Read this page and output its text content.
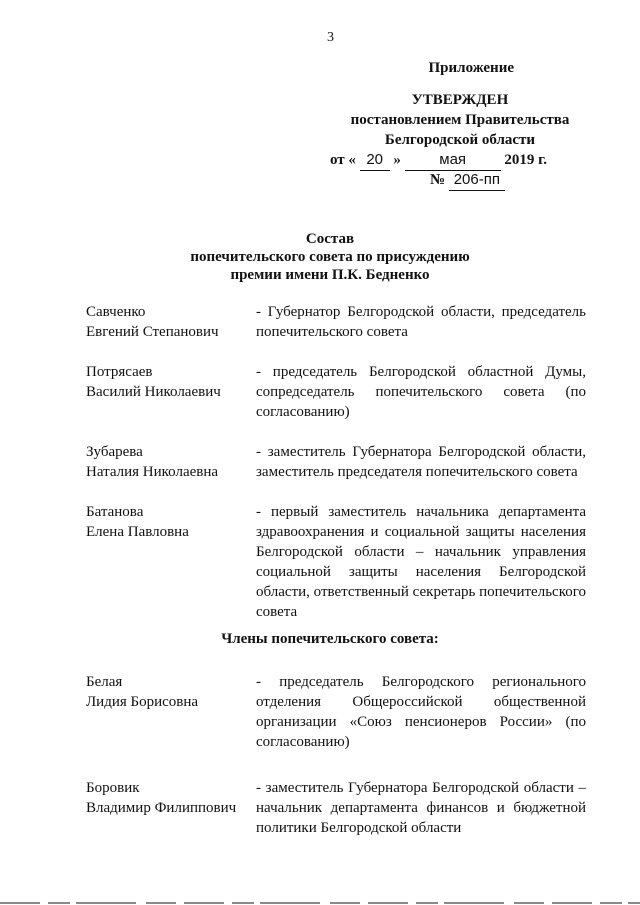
3
Приложение
УТВЕРЖДЕН
постановлением Правительства
Белгородской области
от « 20 »	мая	2019 г.
№ 206-пп
Состав
попечительского совета по присуждению
премии имени П.К. Бедненко
Савченко
Евгений Степанович
- Губернатор Белгородской области, председатель попечительского совета
Потрясаев
Василий Николаевич
- председатель Белгородской областной Думы, сопредседатель попечительского совета (по согласованию)
Зубарева
Наталия Николаевна
- заместитель Губернатора Белгородской области, заместитель председателя попечительского совета
Батанова
Елена Павловна
- первый заместитель начальника департамента здравоохранения и социальной защиты населения Белгородской области – начальник управления социальной защиты населения Белгородской области, ответственный секретарь попечительского совета
Члены попечительского совета:
Белая
Лидия Борисовна
- председатель Белгородского регионального отделения Общероссийской общественной организации «Союз пенсионеров России» (по согласованию)
Боровик
Владимир Филиппович
- заместитель Губернатора Белгородской области – начальник департамента финансов и бюджетной политики Белгородской области
